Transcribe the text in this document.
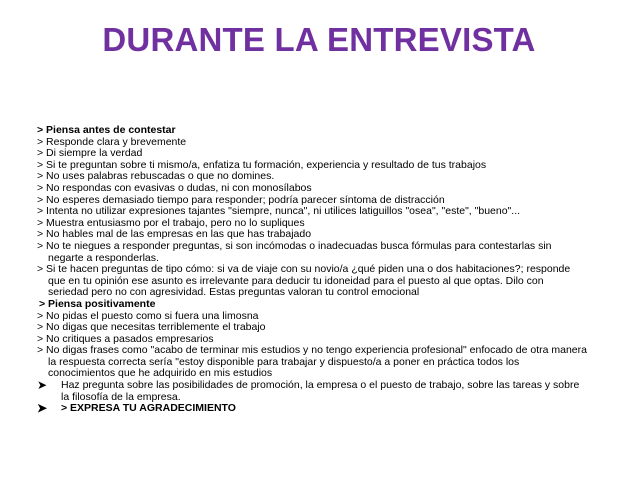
DURANTE LA ENTREVISTA
> Piensa antes de contestar
> Responde clara y brevemente
> Di siempre la verdad
> Si te preguntan sobre ti mismo/a, enfatiza tu formación, experiencia y resultado de tus trabajos
> No uses palabras rebuscadas o que no domines.
> No respondas con evasivas o dudas, ni con monosílabos
> No esperes demasiado tiempo para responder; podría parecer síntoma de distracción
> Intenta no utilizar expresiones tajantes "siempre, nunca", ni utilices latiguillos "osea", "este", "bueno"...
> Muestra entusiasmo por el trabajo, pero no lo supliques
> No hables mal de las empresas en las que has trabajado
> No te niegues a responder preguntas, si son incómodas o inadecuadas busca fórmulas para contestarlas sin
negarte a responderlas.
> Si te hacen preguntas de tipo cómo: si va de viaje con su novio/a ¿qué piden una o dos habitaciones?; responde
que en tu opinión ese asunto es irrelevante para deducir tu idoneidad para el puesto al que optas. Dilo con
seriedad pero no con agresividad. Estas preguntas valoran tu control emocional
> Piensa positivamente
> No pidas el puesto como si fuera una limosna
> No digas que necesitas terriblemente el trabajo
> No critiques a pasados empresarios
> No digas frases como "acabo de terminar mis estudios y no tengo experiencia profesional" enfocado de otra manera
la respuesta correcta sería "estoy disponible para trabajar y dispuesto/a a poner en práctica todos los
conocimientos que he adquirido en mis estudios
➤ Haz pregunta sobre las posibilidades de promoción, la empresa o el puesto de trabajo, sobre las tareas y sobre
la filosofía de la empresa.
➤ > EXPRESA TU AGRADECIMIENTO
